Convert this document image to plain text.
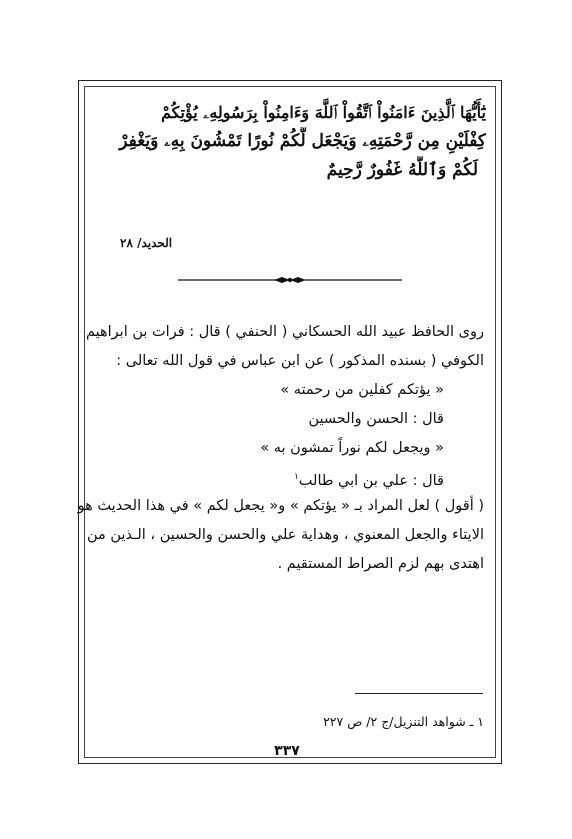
يَٰٓأَيُّهَا ٱلَّذِينَ ءَامَنُواْ ٱتَّقُواْ ٱللَّهَ وَءَامِنُواْ بِرَسُولِهِۦ يُؤْتِكُمْ
كِفْلَيْنِ مِن رَّحْمَتِهِۦ وَيَجْعَل لَّكُمْ نُورًا تَمْشُونَ بِهِۦ وَيَغْفِرْ
لَكُمْ وَٱللَّهُ غَفُورٌ رَّحِيمٌ
الحديد/ ٢٨
روى الحافظ عبيد الله الحسكاني ( الحنفي ) قال : فرات بن ابراهيم
الكوفي ( بسنده المذكور ) عن ابن عباس في قول الله تعالى :
« يؤتكم كفلين من رحمته »
قال : الحسن والحسين
« ويجعل لكم نوراً تمشون به »
قال : علي بن ابي طالب$^١$
( أقول ) لعل المراد بـ « يؤتكم » و« يجعل لكم » في هذا الحديث هو
الايتاء والجعل المعنوي ، وهداية علي والحسن والحسين ، الـذين من
اهتدى بهم لزم الصراط المستقيم .
١ ـ شواهد التنزيل/ج ٢/ ص ٢٢٧
٣٣٧
